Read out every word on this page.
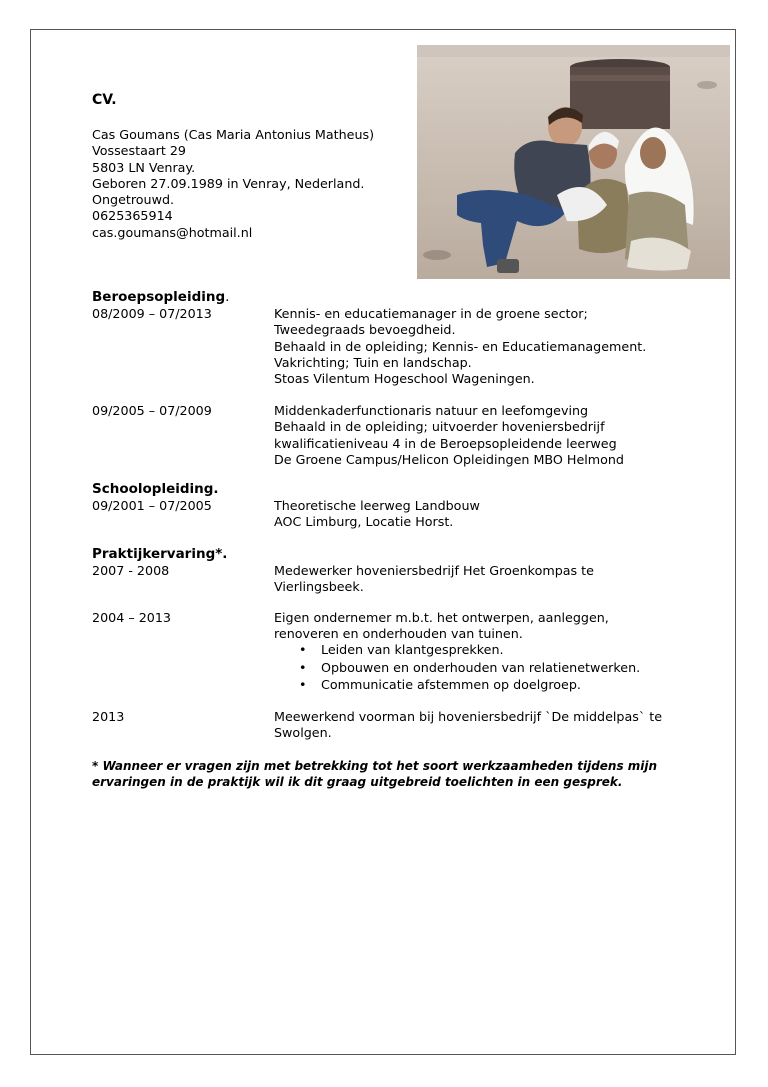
CV.
Cas Goumans (Cas Maria Antonius Matheus)
Vossestaart 29
5803 LN Venray.
Geboren 27.09.1989 in Venray, Nederland.
Ongetrouwd.
0625365914
cas.goumans@hotmail.nl
Beroepsopleiding.
08/2009 – 07/2013	Kennis- en educatiemanager in de groene sector;
Tweedegraads bevoegdheid.
Behaald in de opleiding; Kennis- en Educatiemanagement.
Vakrichting; Tuin en landschap.
Stoas Vilentum Hogeschool Wageningen.
09/2005 – 07/2009	Middenkaderfunctionaris natuur en leefomgeving
Behaald in de opleiding; uitvoerder hoveniersbedrijf
kwalificatieniveau 4 in de Beroepsopleidende leerweg
De Groene Campus/Helicon Opleidingen MBO Helmond
Schoolopleiding.
09/2001 – 07/2005	Theoretische leerweg Landbouw
AOC Limburg, Locatie Horst.
Praktijkervaring*.
2007 - 2008	Medewerker hoveniersbedrijf Het Groenkompas te
Vierlingsbeek.
2004 – 2013	Eigen ondernemer m.b.t. het ontwerpen, aanleggen,
renoveren en onderhouden van tuinen.
• Leiden van klantgesprekken.
• Opbouwen en onderhouden van relatienetwerken.
• Communicatie afstemmen op doelgroep.
2013	Meewerkend voorman bij hoveniersbedrijf `De middelpas` te
Swolgen.
* Wanneer er vragen zijn met betrekking tot het soort werkzaamheden tijdens mijn ervaringen in de praktijk wil ik dit graag uitgebreid toelichten in een gesprek.
